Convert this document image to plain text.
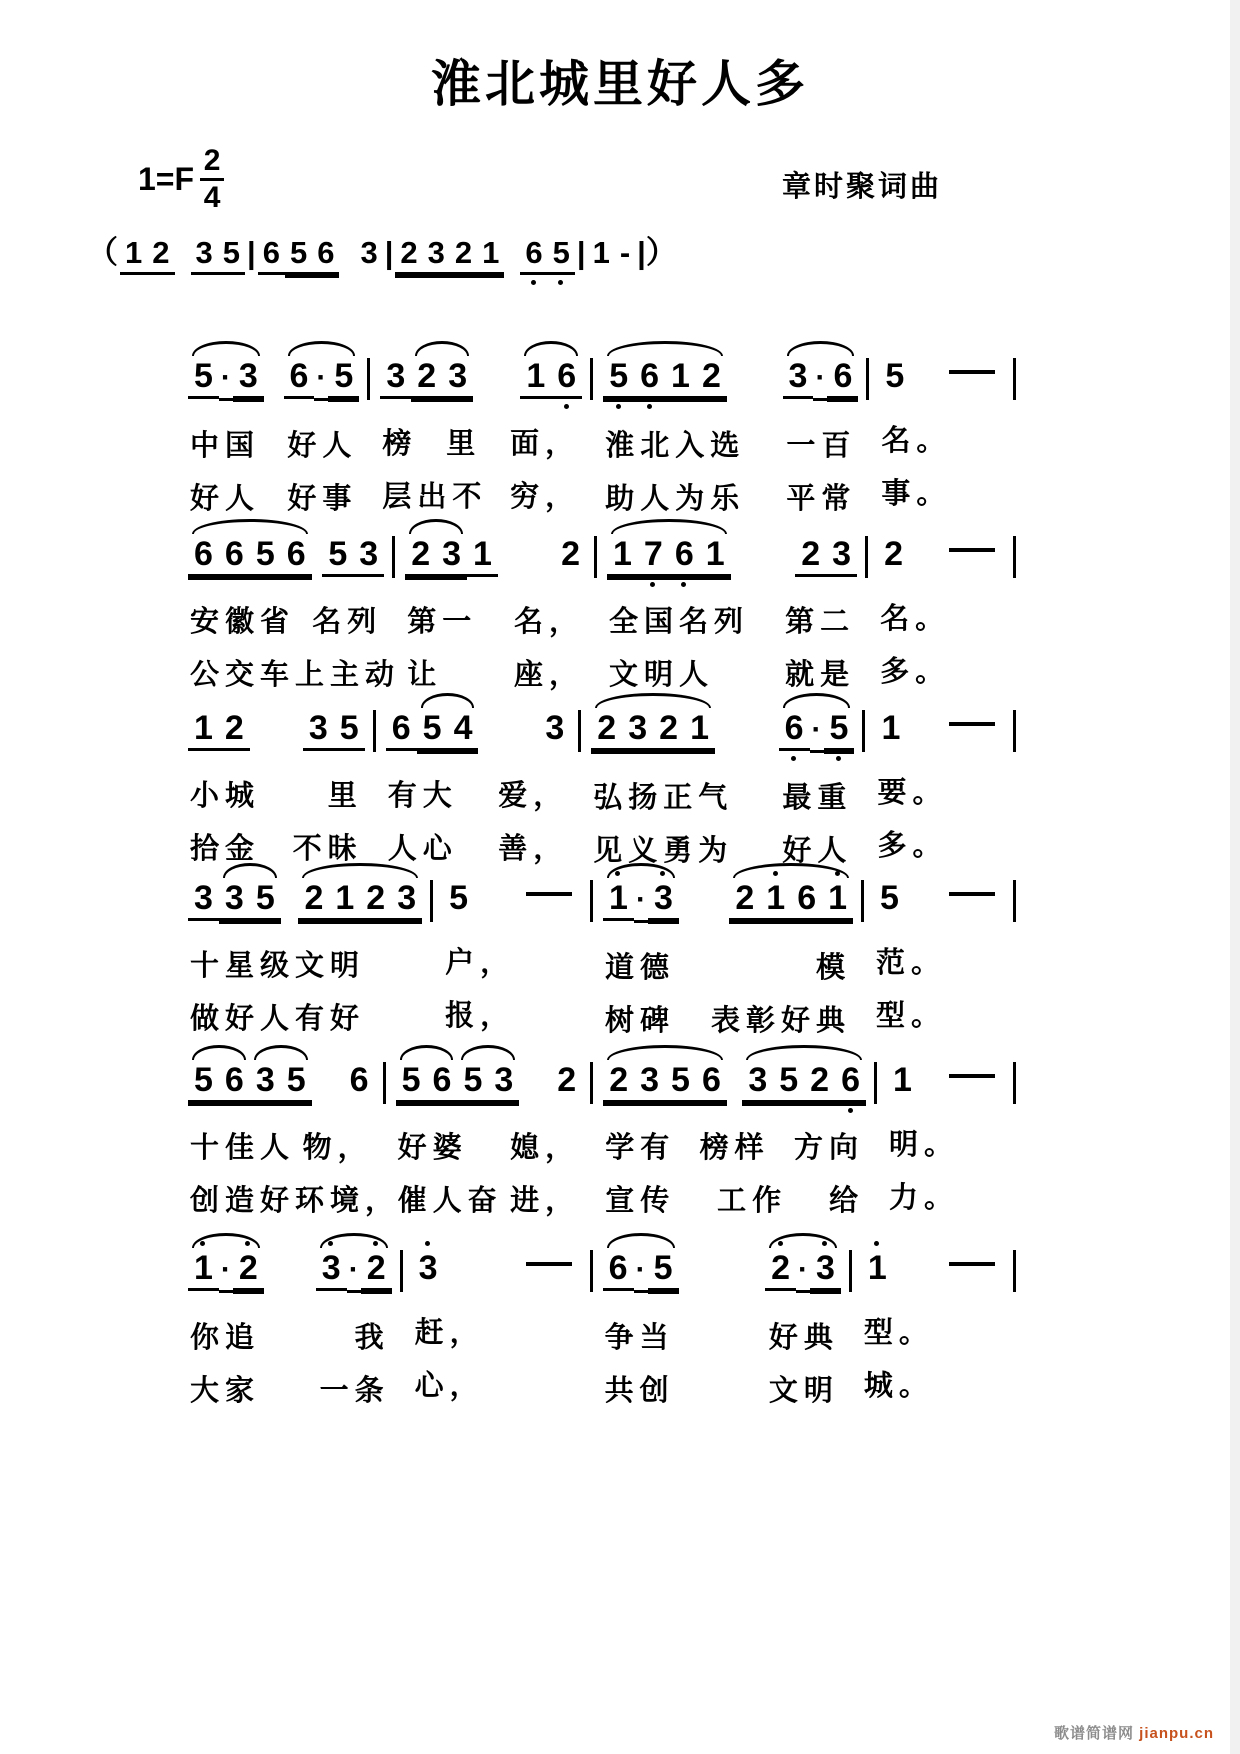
淮北城里好人多
$1=F \frac{2}{4}$	章时聚词曲
（ 1 2 3 5 | 6 5 6 3 | 2 3 2 1 6 5 | 1 - |）
5 · 3 6 · 5
中国 好人
好人 好事
3 2 3 1 6
榜 里 面，
层出不 穷，
5 6 1 2 3 · 6
淮北入选 一百
助人为乐 平常
5
名。
事。
6 6 5 6 5 3
安徽省 名列
公交车上 主动
2 3 1 2
第一 名，
让 座，
1 7 6 1 2 3
全国名列 第二
文明人 就是
2
名。
多。
1 2 3 5
小城 里
拾金 不昧
6 5 4 3
有大 爱，
人心 善，
2 3 2 1 6 · 5
弘扬正气 最重
见义勇为 好人
1
要。
多。
3 3 5 2 1 2 3
十星级文明
做好人有好
5
户，
报，
1 · 3 2 1 6 1
道德	模
树碑 表彰好典
5
范。
型。
5 6 3 5 6
十佳人 物，
创造好环 境，
5 6 5 3 2
好婆 媳，
催人奋 进，
2 3 5 6 3 5 2 6
学有 榜样 方向
宣传 工作 给
1
明。
力。
1 · 2 3 · 2
你追	我
大家 一条
3
赶，
心，
6 · 5	2 · 3
争当	好典
共创	文明
1
型。
城。
歌谱简谱网 jianpu.cn
